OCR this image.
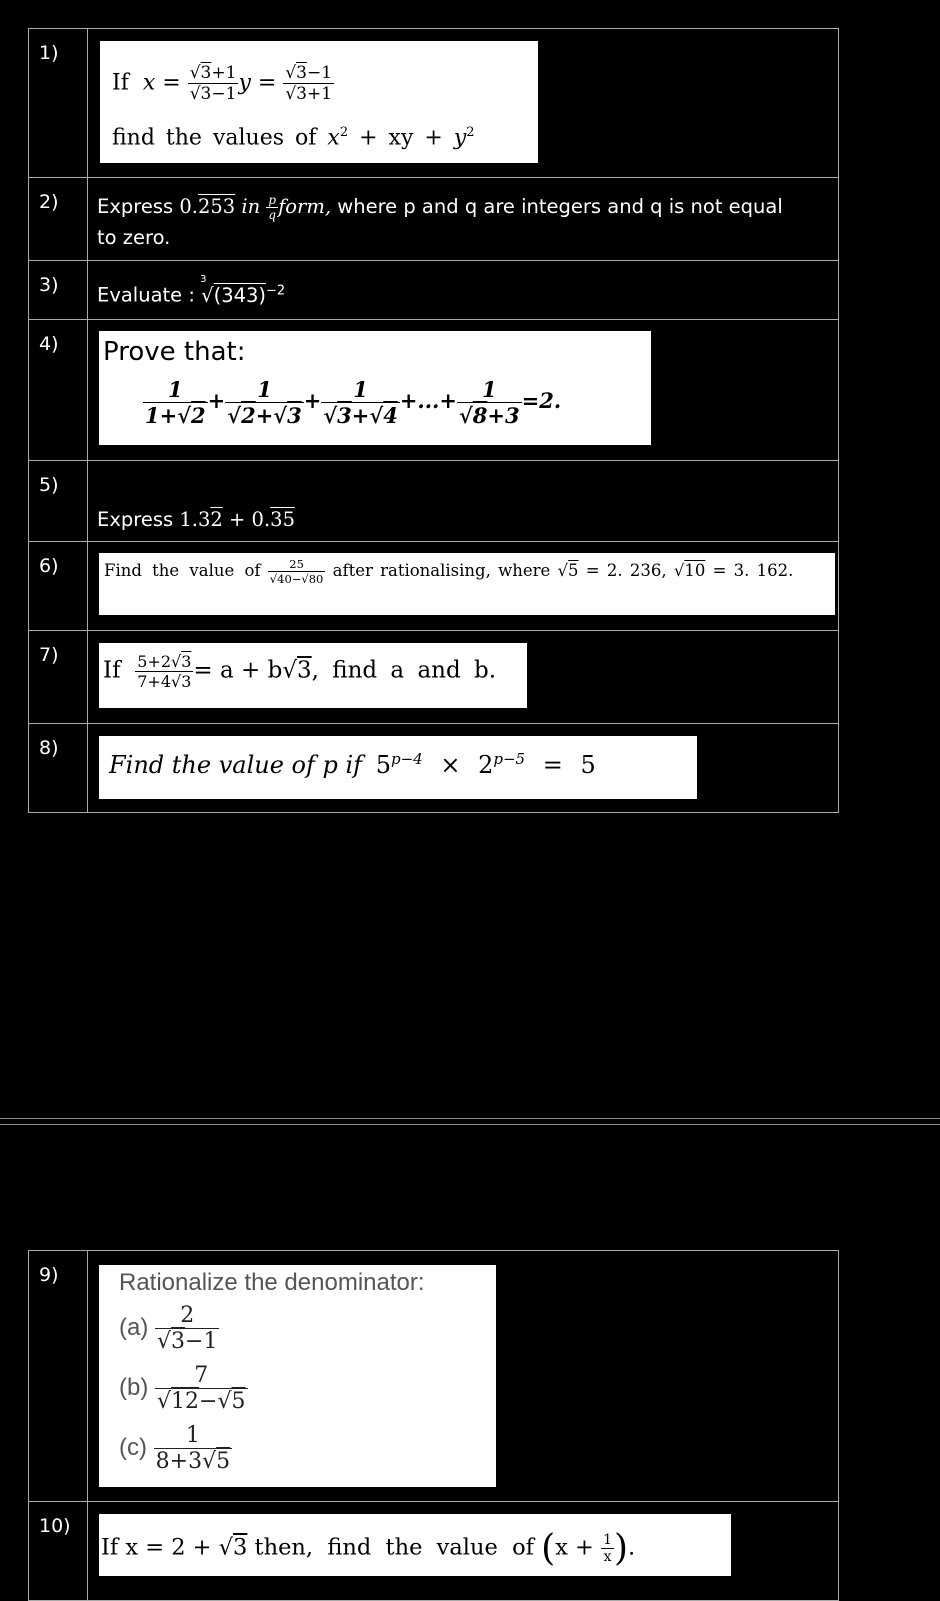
1)
If $x = \frac{√3+1}{√3-1}$ $y = \frac{√3-1}{√3+1}$
find the values of $x^2$ + xy + $y^2$
2) Express 0.253 in $\frac{p}{q}$ form, where p and q are integers and q is not equal
to zero.
3) Evaluate :
3
$√(343)^{-2}$
4) Prove that:
$\frac{1}{1+√2} + \frac{1}{√2+√3} + \frac{1}{√3+√4}$ +...+ $\frac{1}{√8+3} =2$.
5)
Express 1.32 + 0.35
6)	Find the value of $\frac{25}{√40-√80}$ after rationalising, where √5 = 2. 236, √10 = 3. 162.
7)
If $\frac{5+2√3}{7+4√3} = a + b√3$, find a and b.
8)
Find the value of p if $5^{p-4} \times 2^{p-5} = 5$
9)	Rationalize the denominator:
$(a) \frac{2}{√3-1}$
$(b) \frac{7}{√12-√5}$
$(c) \frac{1}{8+3√5}$
10)
If x = 2 + √3 then,  find  the  value  of ($x + \frac{1}{x}$ ).
